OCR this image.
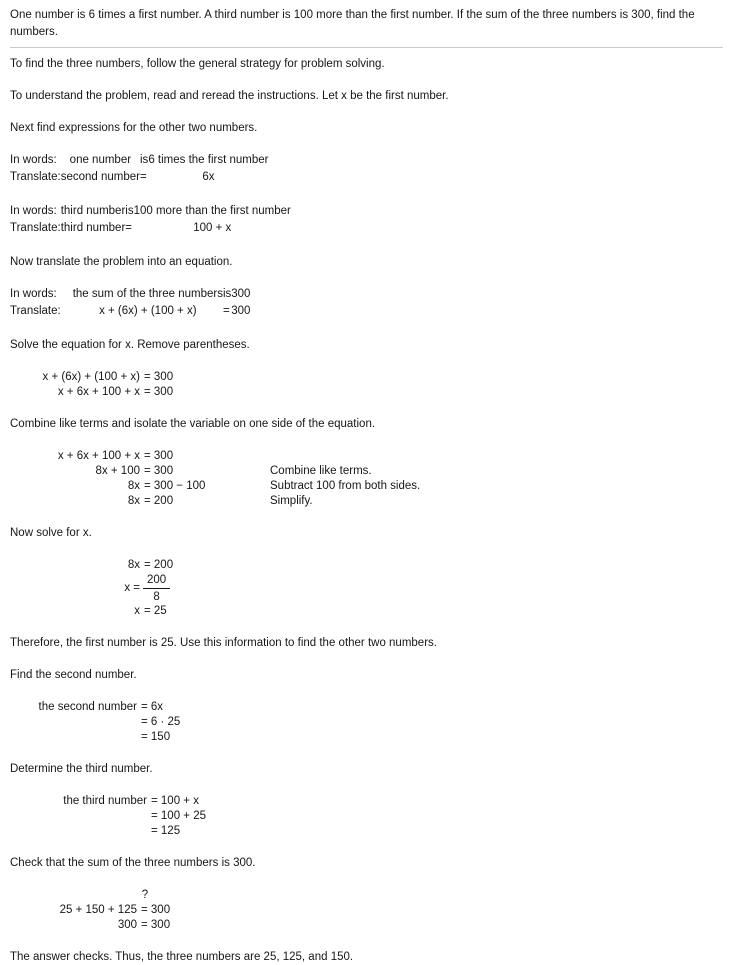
One number is 6 times a first number. A third number is 100 more than the first number. If the sum of the three numbers is 300, find the numbers.
To find the three numbers, follow the general strategy for problem solving.
To understand the problem, read and reread the instructions. Let x be the first number.
Next find expressions for the other two numbers.
In words:	one number	is	6 times the first number
Translate:	second number	=	6x
In words:	third number	is	100 more than the first number
Translate:	third number	=	100 + x
Now translate the problem into an equation.
In words:	the sum of the three numbers	is	300
Translate:	x + (6x) + (100 + x)	=	300
Solve the equation for x. Remove parentheses.
x + (6x) + (100 + x) = 300
x + 6x + 100 + x = 300
Combine like terms and isolate the variable on one side of the equation.
x + 6x + 100 + x = 300
8x + 100 = 300	Combine like terms.
8x = 300 − 100	Subtract 100 from both sides.
8x = 200	Simplify.
Now solve for x.
8x = 200
$x = \frac{200}{8}$
x = 25
Therefore, the first number is 25. Use this information to find the other two numbers.
Find the second number.
the second number = 6x
= 6 · 25
= 150
Determine the third number.
the third number = 100 + x
= 100 + 25
= 125
Check that the sum of the three numbers is 300.
?
25 + 150 + 125 = 300
300 = 300
The answer checks. Thus, the three numbers are 25, 125, and 150.
